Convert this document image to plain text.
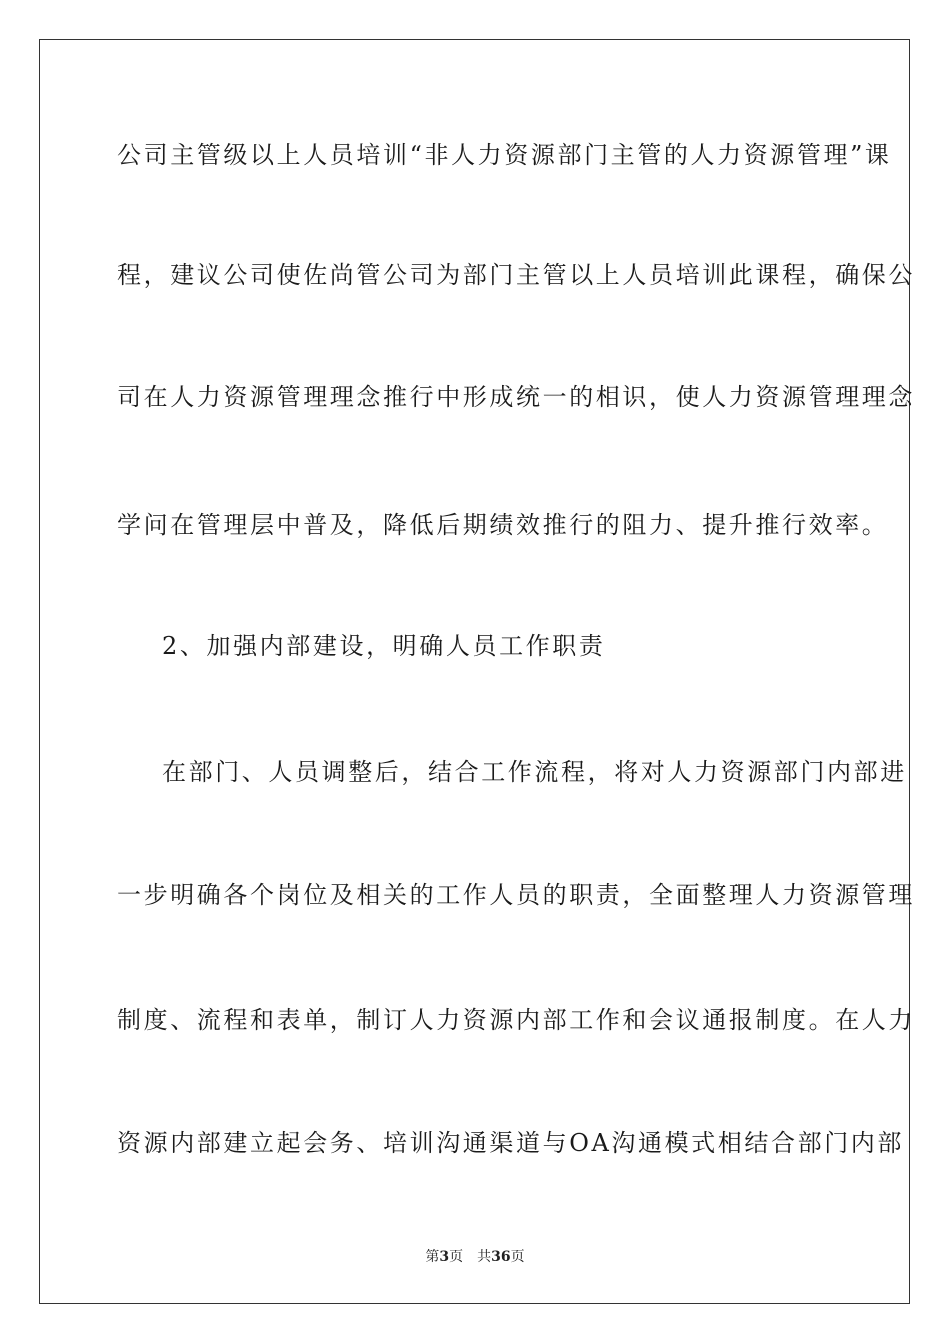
公司主管级以上人员培训“非人力资源部门主管的人力资源管理”课
程，建议公司使佐尚管公司为部门主管以上人员培训此课程，确保公
司在人力资源管理理念推行中形成统一的相识，使人力资源管理理念
学问在管理层中普及，降低后期绩效推行的阻力、提升推行效率。
2、加强内部建设，明确人员工作职责
在部门、人员调整后，结合工作流程，将对人力资源部门内部进
一步明确各个岗位及相关的工作人员的职责，全面整理人力资源管理
制度、流程和表单，制订人力资源内部工作和会议通报制度。在人力
资源内部建立起会务、培训沟通渠道与OA沟通模式相结合部门内部
第3页 共36页
